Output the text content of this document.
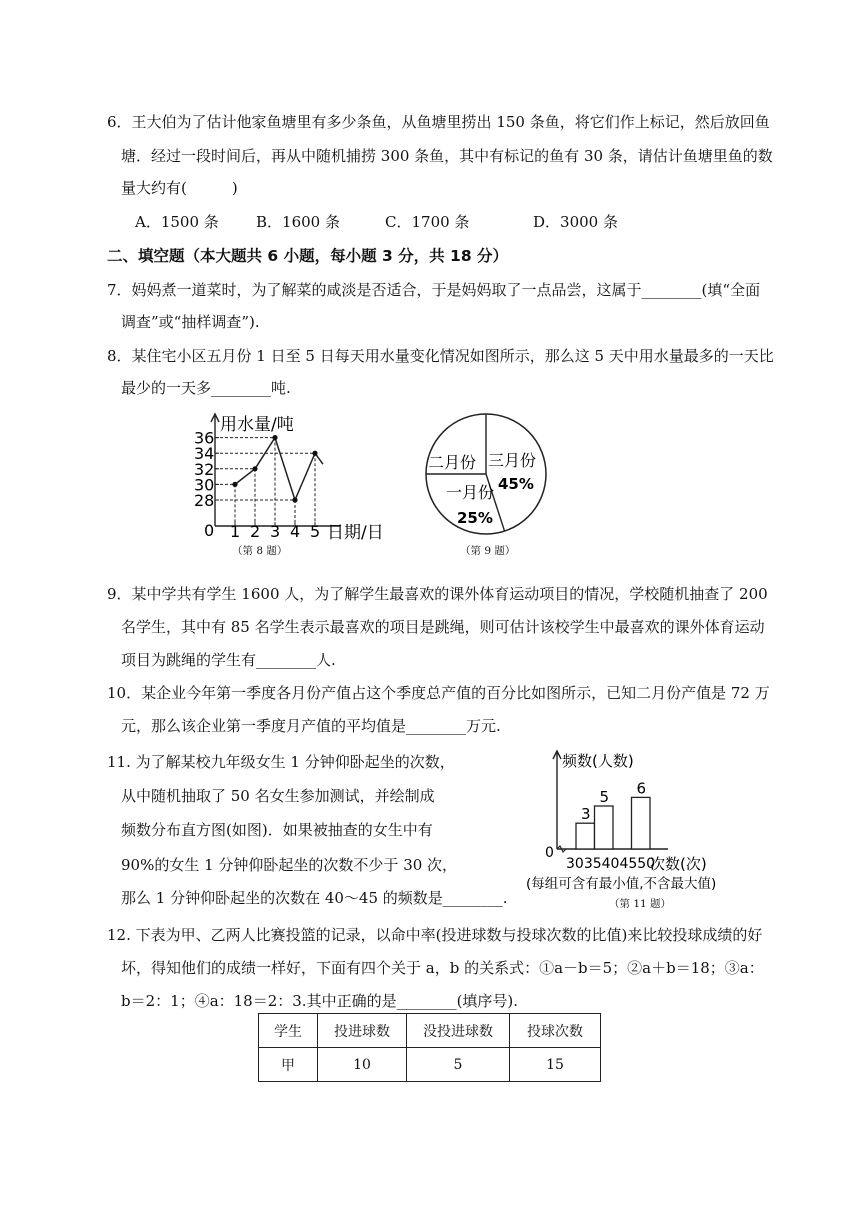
6．王大伯为了估计他家鱼塘里有多少条鱼，从鱼塘里捞出 150 条鱼，将它们作上标记，然后放回鱼
塘．经过一段时间后，再从中随机捕捞 300 条鱼，其中有标记的鱼有 30 条，请估计鱼塘里鱼的数
量大约有(　　　)
A．1500 条 B．1600 条	C．1700 条	D．3000 条
二、填空题（本大题共 6 小题，每小题 3 分，共 18 分）
7．妈妈煮一道菜时，为了解菜的咸淡是否适合，于是妈妈取了一点品尝，这属于________(填“全面
调查”或“抽样调查”).
8．某住宅小区五月份 1 日至 5 日每天用水量变化情况如图所示，那么这 5 天中用水量最多的一天比
最少的一天多________吨.
28
30
32
34
36
1 2 3 4 5
用水量/吨
日期/日
0
（第 8 题）
三月份
45%
二月份
一月份
25%
（第 9 题）
9．某中学共有学生 1600 人，为了解学生最喜欢的课外体育运动项目的情况，学校随机抽查了 200
名学生，其中有 85 名学生表示最喜欢的项目是跳绳，则可估计该校学生中最喜欢的课外体育运动
项目为跳绳的学生有________人.
10．某企业今年第一季度各月份产值占这个季度总产值的百分比如图所示，已知二月份产值是 72 万
元，那么该企业第一季度月产值的平均值是________万元.
11. 为了解某校九年级女生 1 分钟仰卧起坐的次数，
从中随机抽取了 50 名女生参加测试，并绘制成
频数分布直方图(如图)．如果被抽查的女生中有
90%的女生 1 分钟仰卧起坐的次数不少于 30 次，
那么 1 分钟仰卧起坐的次数在 40～45 的频数是________.
3035404550
3
5 6
频数(人数)
次数(次)
0
(每组可含有最小值,不含最大值)
（第 11 题）
12. 下表为甲、乙两人比赛投篮的记录，以命中率(投进球数与投球次数的比值)来比较投球成绩的好
坏，得知他们的成绩一样好，下面有四个关于 a，b 的关系式：①a－b＝5；②a＋b＝18；③a：
b＝2：1；④a：18＝2：3.其中正确的是________(填序号).
学生	投进球数	没投进球数	投球次数
甲	10	5	15
